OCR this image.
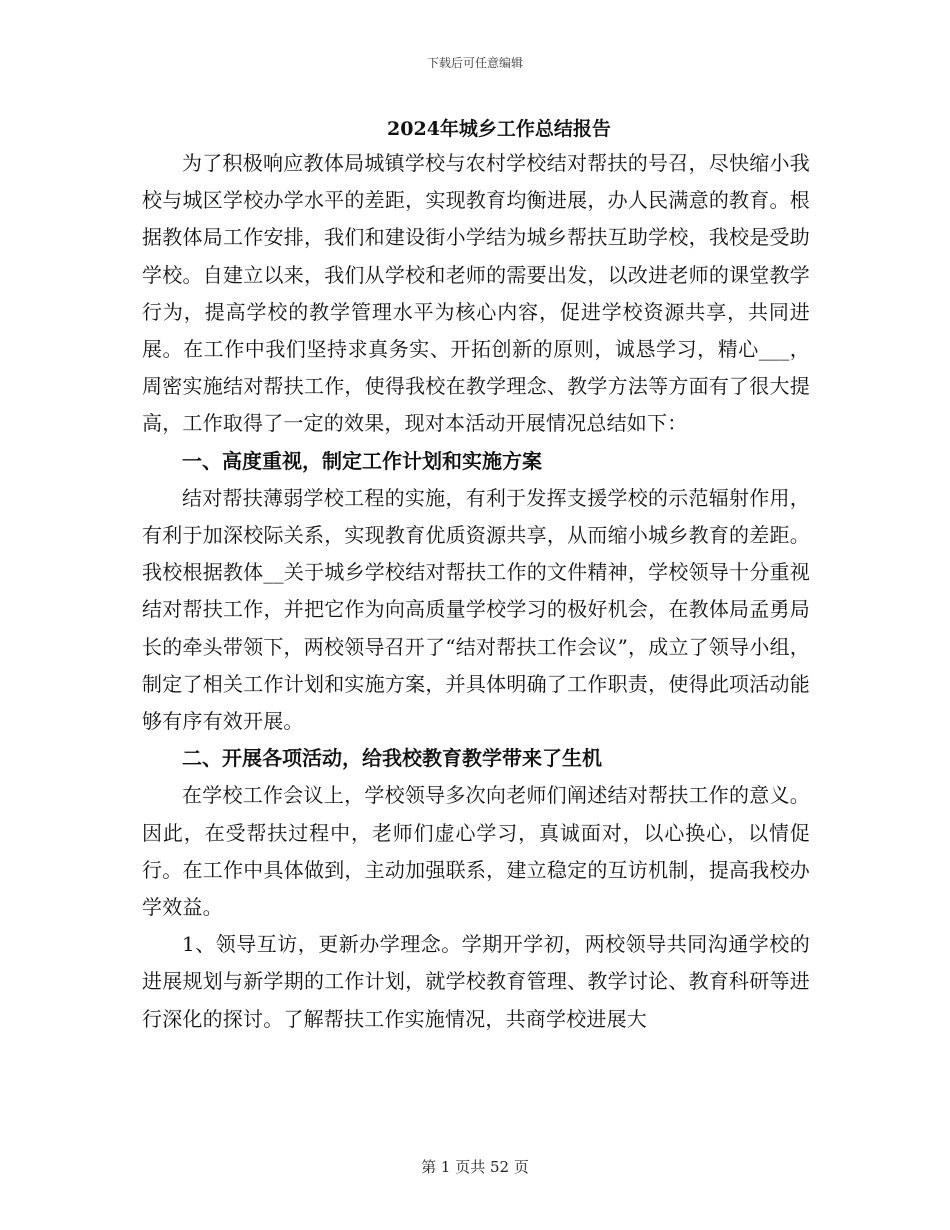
下载后可任意编辑
2024年城乡工作总结报告

为了积极响应教体局城镇学校与农村学校结对帮扶的号召，尽快缩小我校与城区学校办学水平的差距，实现教育均衡进展，办人民满意的教育。根据教体局工作安排，我们和建设街小学结为城乡帮扶互助学校，我校是受助学校。自建立以来，我们从学校和老师的需要出发，以改进老师的课堂教学行为，提高学校的教学管理水平为核心内容，促进学校资源共享，共同进展。在工作中我们坚持求真务实、开拓创新的原则，诚恳学习，精心___，周密实施结对帮扶工作，使得我校在教学理念、教学方法等方面有了很大提高，工作取得了一定的效果，现对本活动开展情况总结如下：

一、高度重视，制定工作计划和实施方案

结对帮扶薄弱学校工程的实施，有利于发挥支援学校的示范辐射作用，有利于加深校际关系，实现教育优质资源共享，从而缩小城乡教育的差距。我校根据教体__关于城乡学校结对帮扶工作的文件精神，学校领导十分重视结对帮扶工作，并把它作为向高质量学校学习的极好机会，在教体局孟勇局长的牵头带领下，两校领导召开了“结对帮扶工作会议”，成立了领导小组，制定了相关工作计划和实施方案，并具体明确了工作职责，使得此项活动能够有序有效开展。

二、开展各项活动，给我校教育教学带来了生机

在学校工作会议上，学校领导多次向老师们阐述结对帮扶工作的意义。因此，在受帮扶过程中，老师们虚心学习，真诚面对，以心换心，以情促行。在工作中具体做到，主动加强联系，建立稳定的互访机制，提高我校办学效益。

1、领导互访，更新办学理念。学期开学初，两校领导共同沟通学校的进展规划与新学期的工作计划，就学校教育管理、教学讨论、教育科研等进行深化的探讨。了解帮扶工作实施情况，共商学校进展大

第 1 页共 52 页
